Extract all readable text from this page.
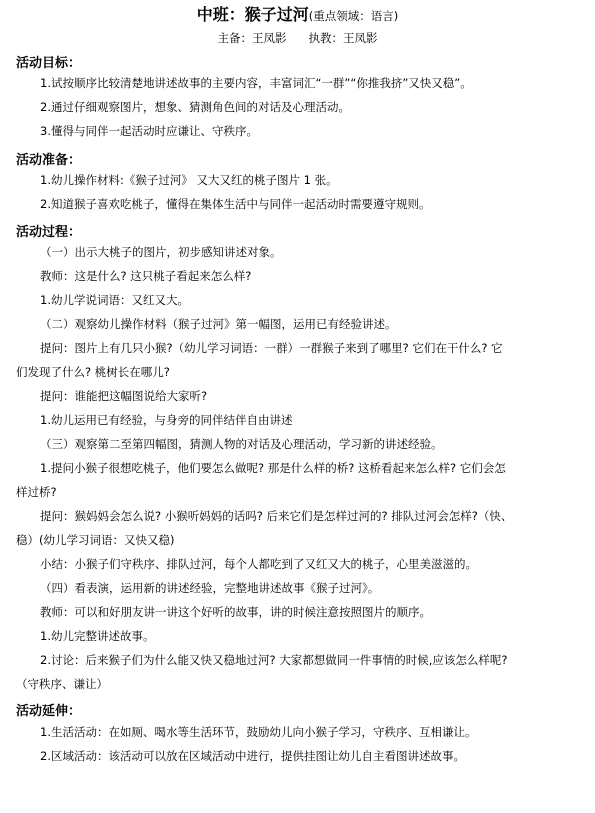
中班：猴子过河(重点领域：语言)
主备：王凤影 执教：王凤影
活动目标：
1.试按顺序比较清楚地讲述故事的主要内容，丰富词汇“一群”“你推我挤”又快又稳”。
2.通过仔细观察图片，想象、猜测角色间的对话及心理活动。
3.懂得与同伴一起活动时应谦让、守秩序。
活动准备：
1.幼儿操作材料:《猴子过河》 又大又红的桃子图片 1 张。
2.知道猴子喜欢吃桃子，懂得在集体生活中与同伴一起活动时需要遵守规则。
活动过程：
（一）出示大桃子的图片，初步感知讲述对象。
教师：这是什么? 这只桃子看起来怎么样?
1.幼儿学说词语：又红又大。
（二）观察幼儿操作材料（猴子过河》第一幅图，运用已有经验讲述。
提问：图片上有几只小猴?（幼儿学习词语：一群）一群猴子来到了哪里? 它们在干什么? 它
们发现了什么? 桃树长在哪儿?
提问：谁能把这幅图说给大家听?
1.幼儿运用已有经验，与身旁的同伴结伴自由讲述
（三）观察第二至第四幅图，猜测人物的对话及心理活动，学习新的讲述经验。
1.提问小猴子很想吃桃子，他们要怎么做呢? 那是什么样的桥? 这桥看起来怎么样? 它们会怎
样过桥?
提问：猴妈妈会怎么说? 小猴听妈妈的话吗? 后来它们是怎样过河的? 排队过河会怎样?（快、
稳）(幼儿学习词语：又快又稳)
小结：小猴子们守秩序、排队过河，每个人都吃到了又红又大的桃子，心里美滋滋的。
（四）看表演，运用新的讲述经验，完整地讲述故事《猴子过河》。
教师：可以和好朋友讲一讲这个好听的故事，讲的时候注意按照图片的顺序。
1.幼儿完整讲述故事。
2.讨论：后来猴子们为什么能又快又稳地过河? 大家都想做同一件事情的时候,应该怎么样呢?
（守秩序、谦让）
活动延伸：
1.生活活动：在如厕、喝水等生活环节，鼓励幼儿向小猴子学习，守秩序、互相谦让。
2.区域活动：该活动可以放在区域活动中进行，提供挂图让幼儿自主看图讲述故事。
